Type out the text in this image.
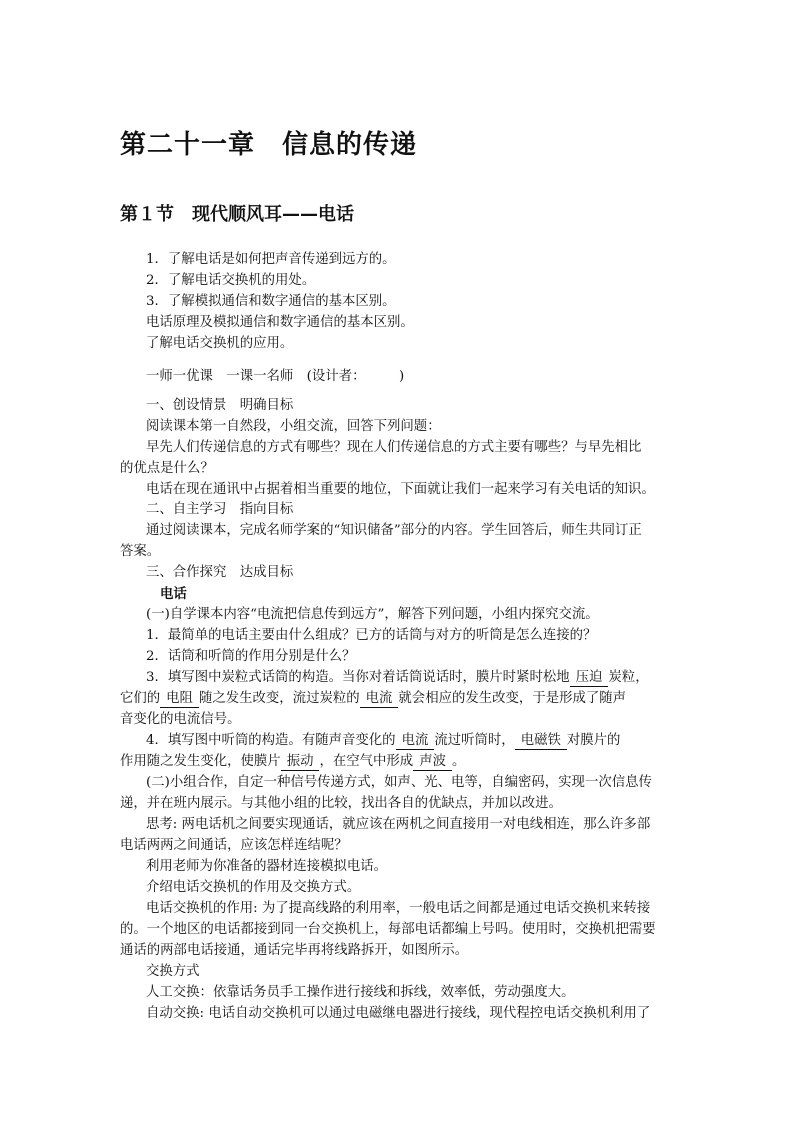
第二十一章　信息的传递
第１节　现代顺风耳——电话
1．了解电话是如何把声音传递到远方的。
2．了解电话交换机的用处。
3．了解模拟通信和数字通信的基本区别。
电话原理及模拟通信和数字通信的基本区别。
了解电话交换机的应用。
一师一优课　一课一名师　(设计者：　　　)
一、创设情景　明确目标
阅读课本第一自然段，小组交流，回答下列问题：
早先人们传递信息的方式有哪些？现在人们传递信息的方式主要有哪些？与早先相比
的优点是什么？
电话在现在通讯中占据着相当重要的地位，下面就让我们一起来学习有关电话的知识。
二、自主学习　指向目标
通过阅读课本，完成名师学案的“知识储备”部分的内容。学生回答后，师生共同订正
答案。
三、合作探究　达成目标
电话
(一)自学课本内容“电流把信息传到远方”，解答下列问题，小组内探究交流。
1．最简单的电话主要由什么组成？已方的话筒与对方的听筒是怎么连接的？
2．话筒和听筒的作用分别是什么？
3．填写图中炭粒式话筒的构造。当你对着话筒说话时，膜片时紧时松地 压迫 炭粒，
它们的 电阻 随之发生改变，流过炭粒的 电流 就会相应的发生改变，于是形成了随声
音变化的电流信号。
4．填写图中听筒的构造。有随声音变化的 电流 流过听筒时， 电磁铁 对膜片的
作用随之发生变化，使膜片 振动 ，在空气中形成 声波 。
(二)小组合作，自定一种信号传递方式，如声、光、电等，自编密码，实现一次信息传
递，并在班内展示。与其他小组的比较，找出各自的优缺点，并加以改进。
思考: 两电话机之间要实现通话，就应该在两机之间直接用一对电线相连，那么许多部
电话两两之间通话，应该怎样连结呢？
利用老师为你准备的器材连接模拟电话。
介绍电话交换机的作用及交换方式。
电话交换机的作用: 为了提高线路的利用率，一般电话之间都是通过电话交换机来转接
的。一个地区的电话都接到同一台交换机上，每部电话都编上号吗。使用时，交换机把需要
通话的两部电话接通，通话完毕再将线路拆开，如图所示。
交换方式
人工交换：依靠话务员手工操作进行接线和拆线，效率低，劳动强度大。
自动交换: 电话自动交换机可以通过电磁继电器进行接线，现代程控电话交换机利用了
